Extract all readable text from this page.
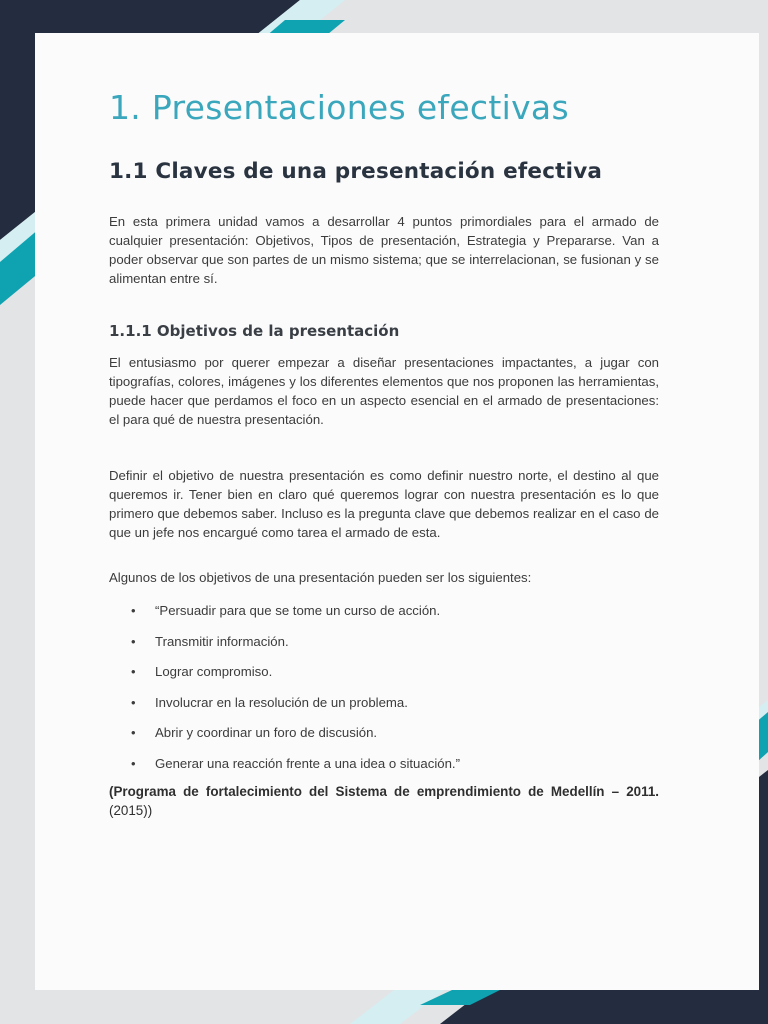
1. Presentaciones efectivas
1.1 Claves de una presentación efectiva

En esta primera unidad vamos a desarrollar 4 puntos primordiales para el armado de cualquier presentación: Objetivos, Tipos de presentación, Estrategia y Prepararse. Van a poder observar que son partes de un mismo sistema; que se interrelacionan, se fusionan y se alimentan entre sí.

1.1.1 Objetivos de la presentación

El entusiasmo por querer empezar a diseñar presentaciones impactantes, a jugar con tipografías, colores, imágenes y los diferentes elementos que nos proponen las herramientas, puede hacer que perdamos el foco en un aspecto esencial en el armado de presentaciones: el para qué de nuestra presentación.

Definir el objetivo de nuestra presentación es como definir nuestro norte, el destino al que queremos ir. Tener bien en claro qué queremos lograr con nuestra presentación es lo que primero que debemos saber. Incluso es la pregunta clave que debemos realizar en el caso de que un jefe nos encargué como tarea el armado de esta.

Algunos de los objetivos de una presentación pueden ser los siguientes:

• “Persuadir para que se tome un curso de acción.
• Transmitir información.
• Lograr compromiso.
• Involucrar en la resolución de un problema.
• Abrir y coordinar un foro de discusión.
• Generar una reacción frente a una idea o situación.”

(Programa de fortalecimiento del Sistema de emprendimiento de Medellín – 2011. (2015))
